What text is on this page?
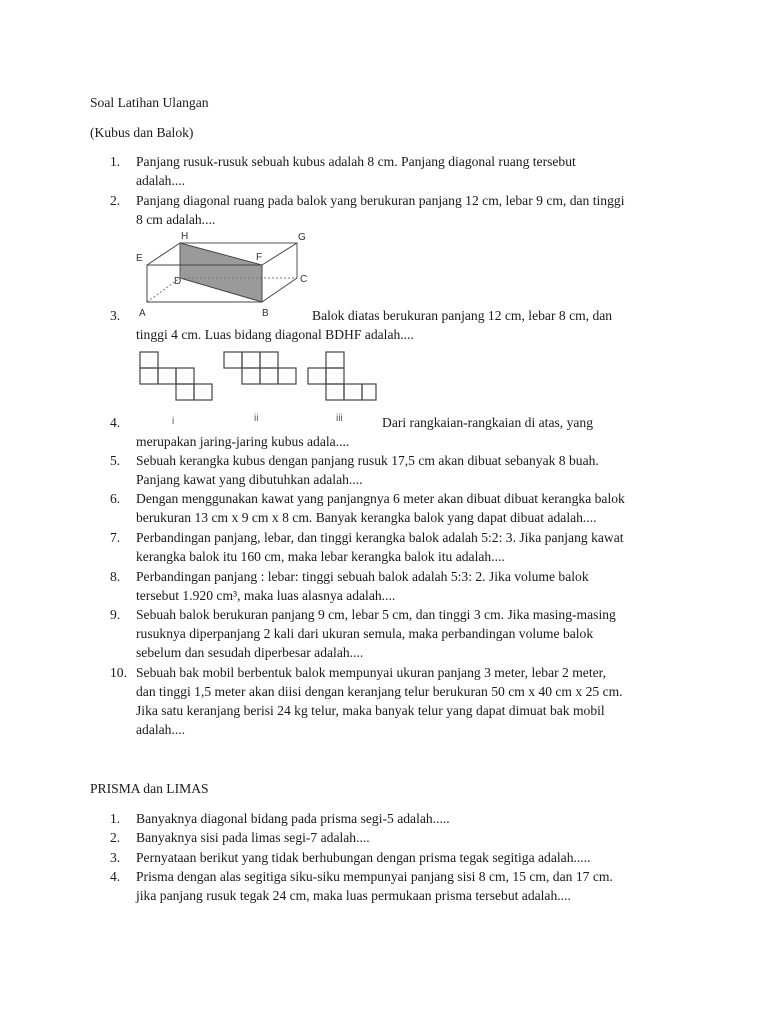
Soal Latihan Ulangan

(Kubus dan Balok)

1.	Panjang rusuk-rusuk sebuah kubus adalah 8 cm. Panjang diagonal ruang tersebut
adalah....
2.	Panjang diagonal ruang pada balok yang berukuran panjang 12 cm, lebar 9 cm, dan tinggi
8 cm adalah....
H	G
E	F
D	C
A	B
3.	Balok diatas berukuran panjang 12 cm, lebar 8 cm, dan
tinggi 4 cm. Luas bidang diagonal BDHF adalah....
i	ii	iii
4.	Dari rangkaian-rangkaian di atas, yang
merupakan jaring-jaring kubus adala....
5.	Sebuah kerangka kubus dengan panjang rusuk 17,5 cm akan dibuat sebanyak 8 buah.
Panjang kawat yang dibutuhkan adalah....
6.	Dengan menggunakan kawat yang panjangnya 6 meter akan dibuat dibuat kerangka balok
berukuran 13 cm x 9 cm x 8 cm. Banyak kerangka balok yang dapat dibuat adalah....
7.	Perbandingan panjang, lebar, dan tinggi kerangka balok adalah 5:2: 3. Jika panjang kawat
kerangka balok itu 160 cm, maka lebar kerangka balok itu adalah....
8.	Perbandingan panjang : lebar: tinggi sebuah balok adalah 5:3: 2. Jika volume balok
tersebut 1.920 cm³, maka luas alasnya adalah....
9.	Sebuah balok berukuran panjang 9 cm, lebar 5 cm, dan tinggi 3 cm. Jika masing-masing
rusuknya diperpanjang 2 kali dari ukuran semula, maka perbandingan volume balok
sebelum dan sesudah diperbesar adalah....
10. Sebuah bak mobil berbentuk balok mempunyai ukuran panjang 3 meter, lebar 2 meter,
dan tinggi 1,5 meter akan diisi dengan keranjang telur berukuran 50 cm x 40 cm x 25 cm.
Jika satu keranjang berisi 24 kg telur, maka banyak telur yang dapat dimuat bak mobil
adalah....

PRISMA dan LIMAS

1.	Banyaknya diagonal bidang pada prisma segi-5 adalah.....
2.	Banyaknya sisi pada limas segi-7 adalah....
3.	Pernyataan berikut yang tidak berhubungan dengan prisma tegak segitiga adalah.....
4.	Prisma dengan alas segitiga siku-siku mempunyai panjang sisi 8 cm, 15 cm, dan 17 cm.
jika panjang rusuk tegak 24 cm, maka luas permukaan prisma tersebut adalah....
